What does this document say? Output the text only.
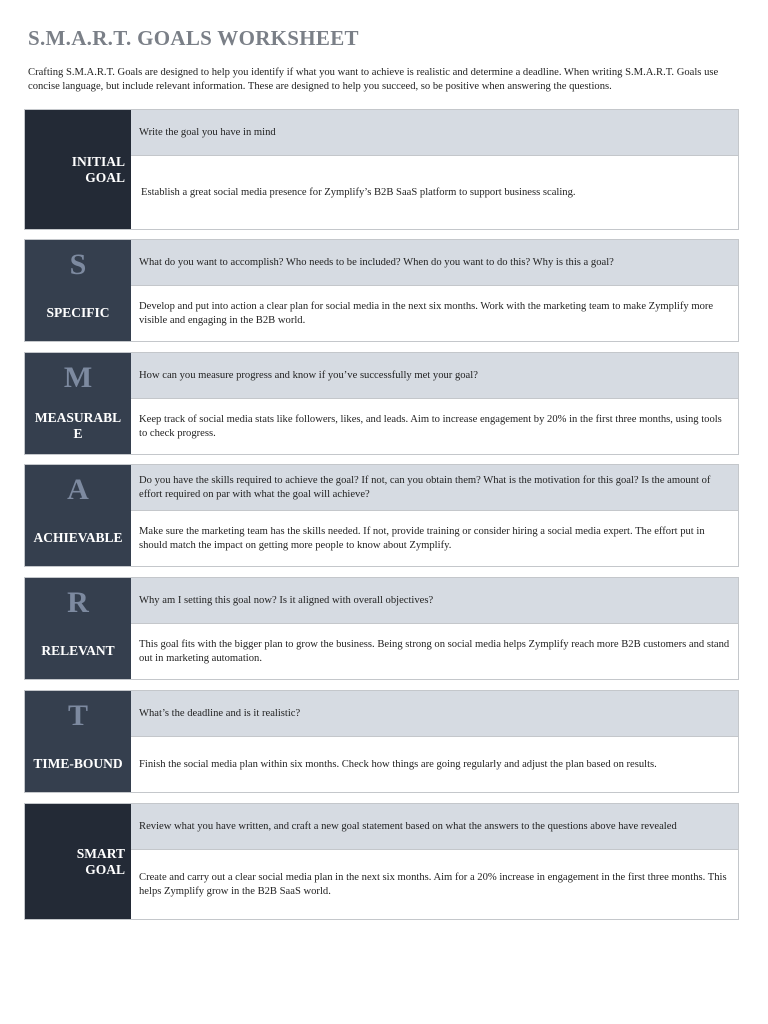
S.M.A.R.T. GOALS WORKSHEET
Crafting S.M.A.R.T. Goals are designed to help you identify if what you want to achieve is realistic and determine a deadline. When writing S.M.A.R.T. Goals use concise language, but include relevant information. These are designed to help you succeed, so be positive when answering the questions.
INITIAL
GOAL
Write the goal you have in mind
Establish a great social media presence for Zymplify’s B2B SaaS platform to support business scaling.
S
SPECIFIC
What do you want to accomplish? Who needs to be included? When do you want to do this? Why is this a goal?
Develop and put into action a clear plan for social media in the next six months. Work with the marketing team to make Zymplify more visible and engaging in the B2B world.
M
MEASURABLE
How can you measure progress and know if you’ve successfully met your goal?
Keep track of social media stats like followers, likes, and leads. Aim to increase engagement by 20% in the first three months, using tools to check progress.
A
ACHIEVABLE
Do you have the skills required to achieve the goal? If not, can you obtain them? What is the motivation for this goal? Is the amount of effort required on par with what the goal will achieve?
Make sure the marketing team has the skills needed. If not, provide training or consider hiring a social media expert. The effort put in should match the impact on getting more people to know about Zymplify.
R
RELEVANT
Why am I setting this goal now? Is it aligned with overall objectives?
This goal fits with the bigger plan to grow the business. Being strong on social media helps Zymplify reach more B2B customers and stand out in marketing automation.
T
TIME-BOUND
What’s the deadline and is it realistic?
Finish the social media plan within six months. Check how things are going regularly and adjust the plan based on results.
SMART
GOAL
Review what you have written, and craft a new goal statement based on what the answers to the questions above have revealed
Create and carry out a clear social media plan in the next six months. Aim for a 20% increase in engagement in the first three months. This helps Zymplify grow in the B2B SaaS world.
